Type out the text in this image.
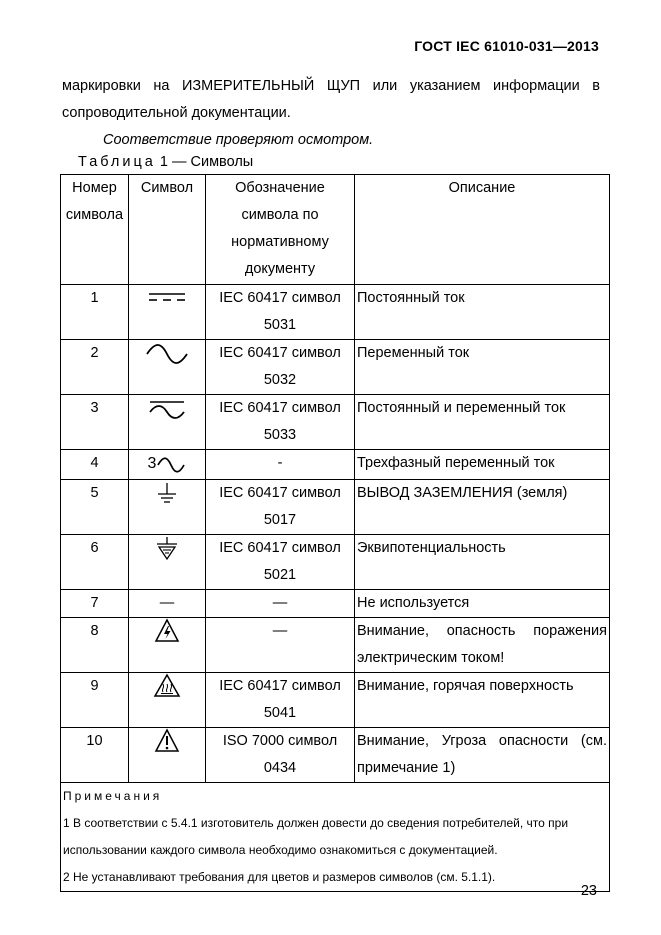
ГОСТ IEC 61010-031—2013
маркировки на ИЗМЕРИТЕЛЬНЫЙ ЩУП или указанием информации в
сопроводительной документации.
Соответствие проверяют осмотром.
Таблица 1 — Символы
Номер символа	Символ	Обозначение символа по нормативному документу	Описание
1		IEC 60417 символ 5031	Постоянный ток
2		IEC 60417 символ 5032	Переменный ток
3		IEC 60417 символ 5033	Постоянный и переменный ток
4	3	-	Трехфазный переменный ток
5		IEC 60417 символ 5017	ВЫВОД ЗАЗЕМЛЕНИЯ (земля)
6		IEC 60417 символ 5021	Эквипотенциальность
7	—	—	Не используется
8		—	Внимание, опасность поражения электрическим током!
9		IEC 60417 символ 5041	Внимание, горячая поверхность
10		ISO 7000 символ 0434	Внимание, Угроза опасности (см. примечание 1)

Примечания
1 В соответствии с 5.4.1 изготовитель должен довести до сведения потребителей, что при использовании каждого символа необходимо ознакомиться с документацией.
2 Не устанавливают требования для цветов и размеров символов (см. 5.1.1).			
23
